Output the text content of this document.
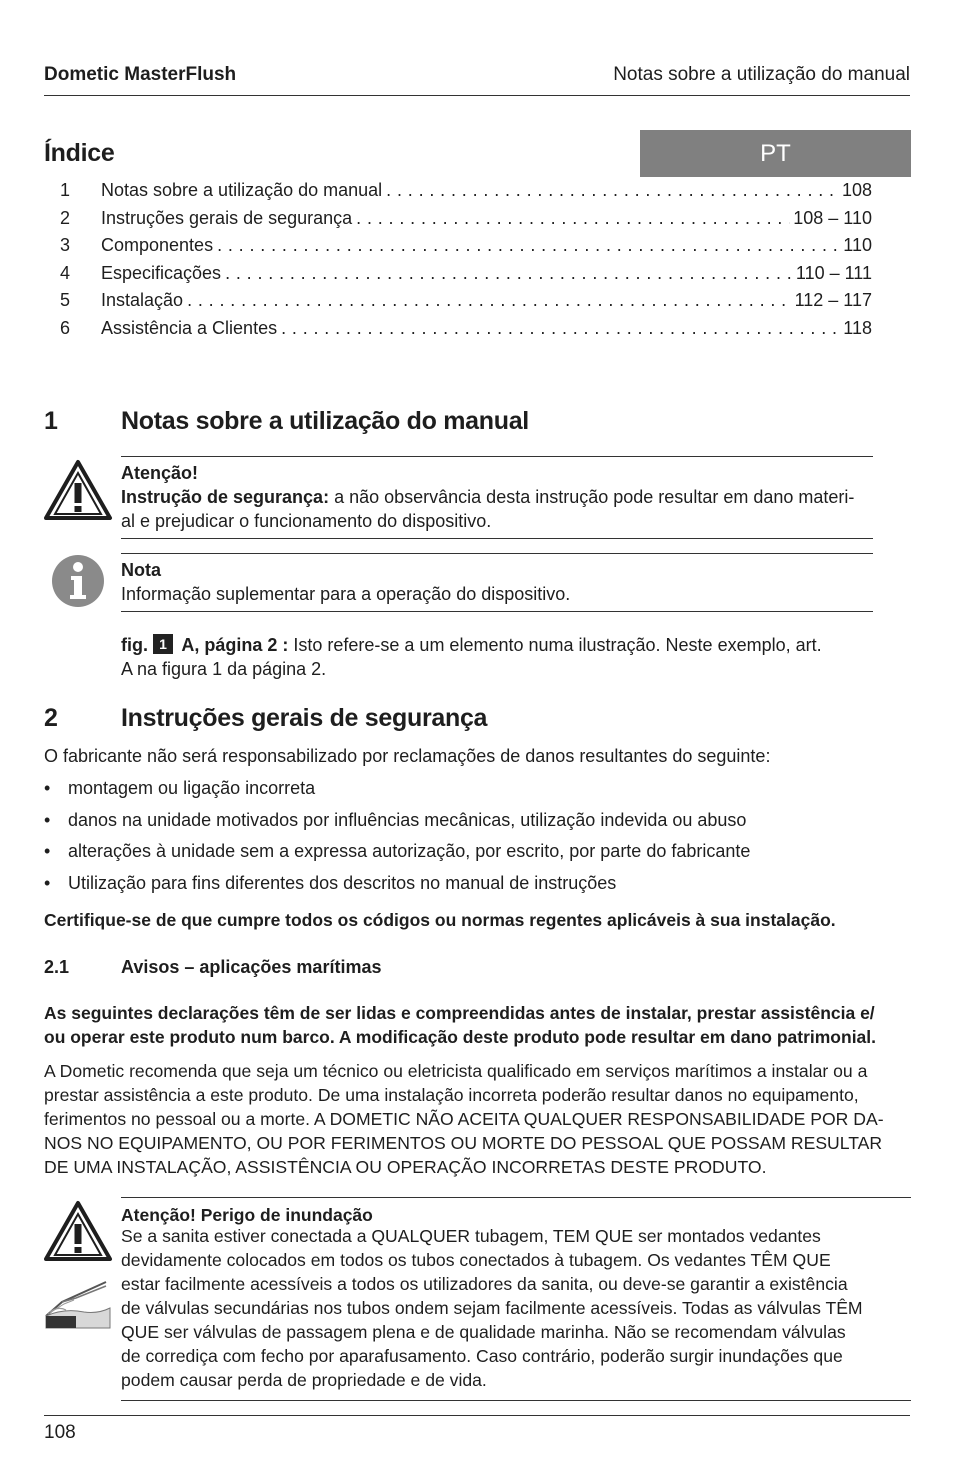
Dometic MasterFlush	Notas sobre a utilização do manual
Índice	PT
1	Notas sobre a utilização do manual . . .	108
2	Instruções gerais de segurança . . .	108 – 110
3	Componentes . . .	110
4	Especificações . . .	110 – 111
5	Instalação . . .	112 – 117
6	Assistência a Clientes . . .	118
1	Notas sobre a utilização do manual
Atenção!
Instrução de segurança: a não observância desta instrução pode resultar em dano materi-
al e prejudicar o funcionamento do dispositivo.
Nota
Informação suplementar para a operação do dispositivo.
fig. 1 A, página 2 : Isto refere-se a um elemento numa ilustração. Neste exemplo, art.
A na figura 1 da página 2.
2	Instruções gerais de segurança
O fabricante não será responsabilizado por reclamações de danos resultantes do seguinte:
• montagem ou ligação incorreta
• danos na unidade motivados por influências mecânicas, utilização indevida ou abuso
• alterações à unidade sem a expressa autorização, por escrito, por parte do fabricante
• Utilização para fins diferentes dos descritos no manual de instruções
Certifique-se de que cumpre todos os códigos ou normas regentes aplicáveis à sua instalação.
2.1	Avisos – aplicações marítimas
As seguintes declarações têm de ser lidas e compreendidas antes de instalar, prestar assistência e/
ou operar este produto num barco. A modificação deste produto pode resultar em dano patrimonial.
A Dometic recomenda que seja um técnico ou eletricista qualificado em serviços marítimos a instalar ou a
prestar assistência a este produto. De uma instalação incorreta poderão resultar danos no equipamento,
ferimentos no pessoal ou a morte. A DOMETIC NÃO ACEITA QUALQUER RESPONSABILIDADE POR DA-
NOS NO EQUIPAMENTO, OU POR FERIMENTOS OU MORTE DO PESSOAL QUE POSSAM RESULTAR
DE UMA INSTALAÇÃO, ASSISTÊNCIA OU OPERAÇÃO INCORRETAS DESTE PRODUTO.
Atenção! Perigo de inundação
Se a sanita estiver conectada a QUALQUER tubagem, TEM QUE ser montados vedantes
devidamente colocados em todos os tubos conectados à tubagem. Os vedantes TÊM QUE
estar facilmente acessíveis a todos os utilizadores da sanita, ou deve-se garantir a existência
de válvulas secundárias nos tubos ondem sejam facilmente acessíveis. Todas as válvulas TÊM
QUE ser válvulas de passagem plena e de qualidade marinha. Não se recomendam válvulas
de corrediça com fecho por aparafusamento. Caso contrário, poderão surgir inundações que
podem causar perda de propriedade e de vida.
108
